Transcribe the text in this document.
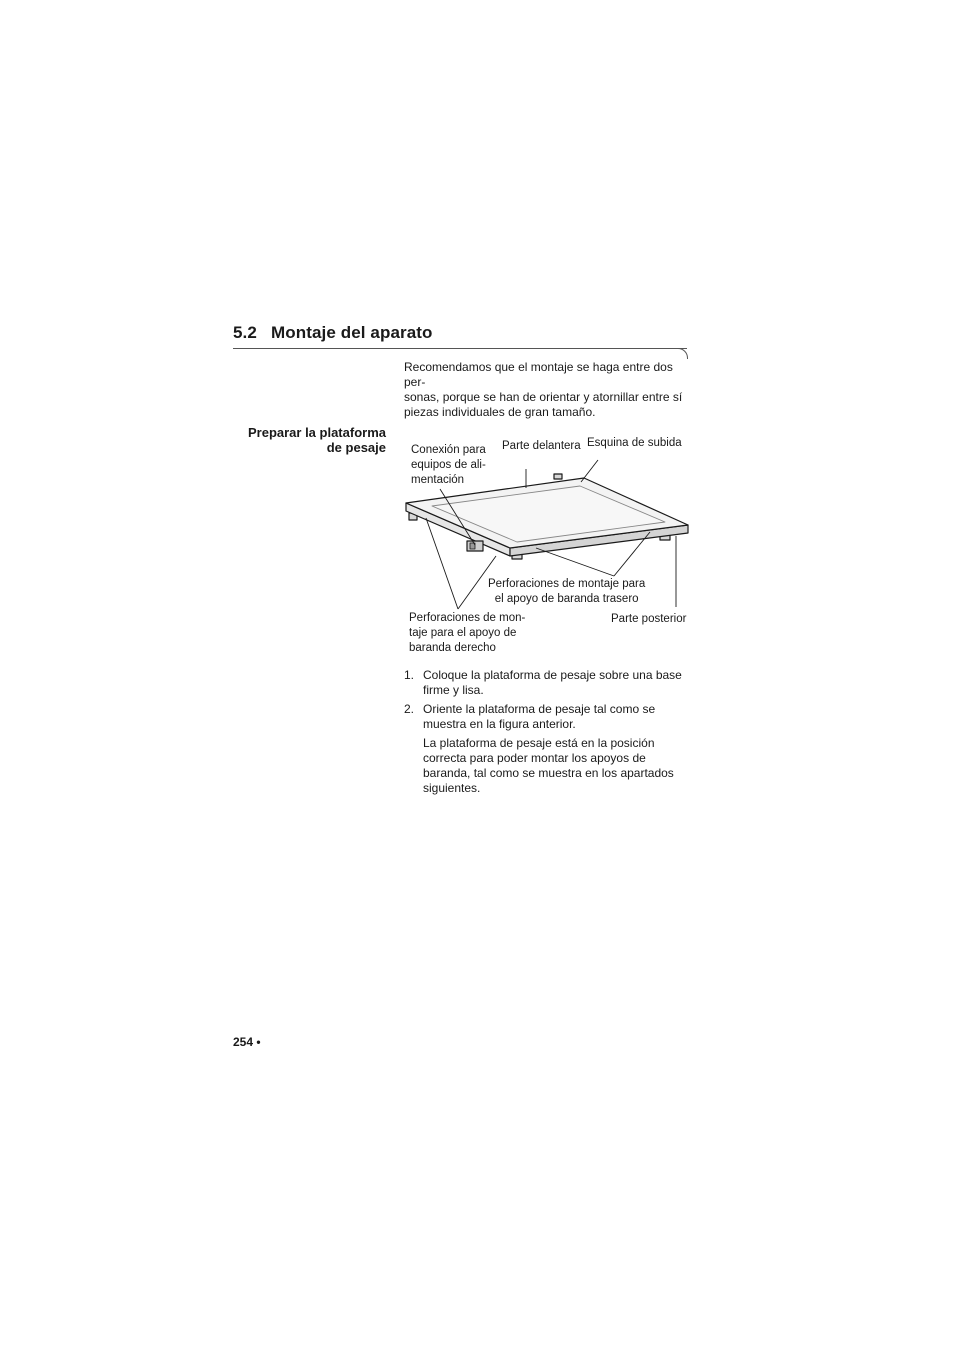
5.2 Montaje del aparato
Recomendamos que el montaje se haga entre dos per-
sonas, porque se han de orientar y atornillar entre sí
piezas individuales de gran tamaño.
Preparar la plataforma
de pesaje Conexión para
equipos de ali-
mentación
Parte delantera Esquina de subida
Perforaciones de montaje para
el apoyo de baranda trasero
Perforaciones de mon-
taje para el apoyo de
baranda derecho
Parte posterior
1. Coloque la plataforma de pesaje sobre una base
firme y lisa.
2. Oriente la plataforma de pesaje tal como se
muestra en la figura anterior.
La plataforma de pesaje está en la posición
correcta para poder montar los apoyos de
baranda, tal como se muestra en los apartados
siguientes.
254 •
